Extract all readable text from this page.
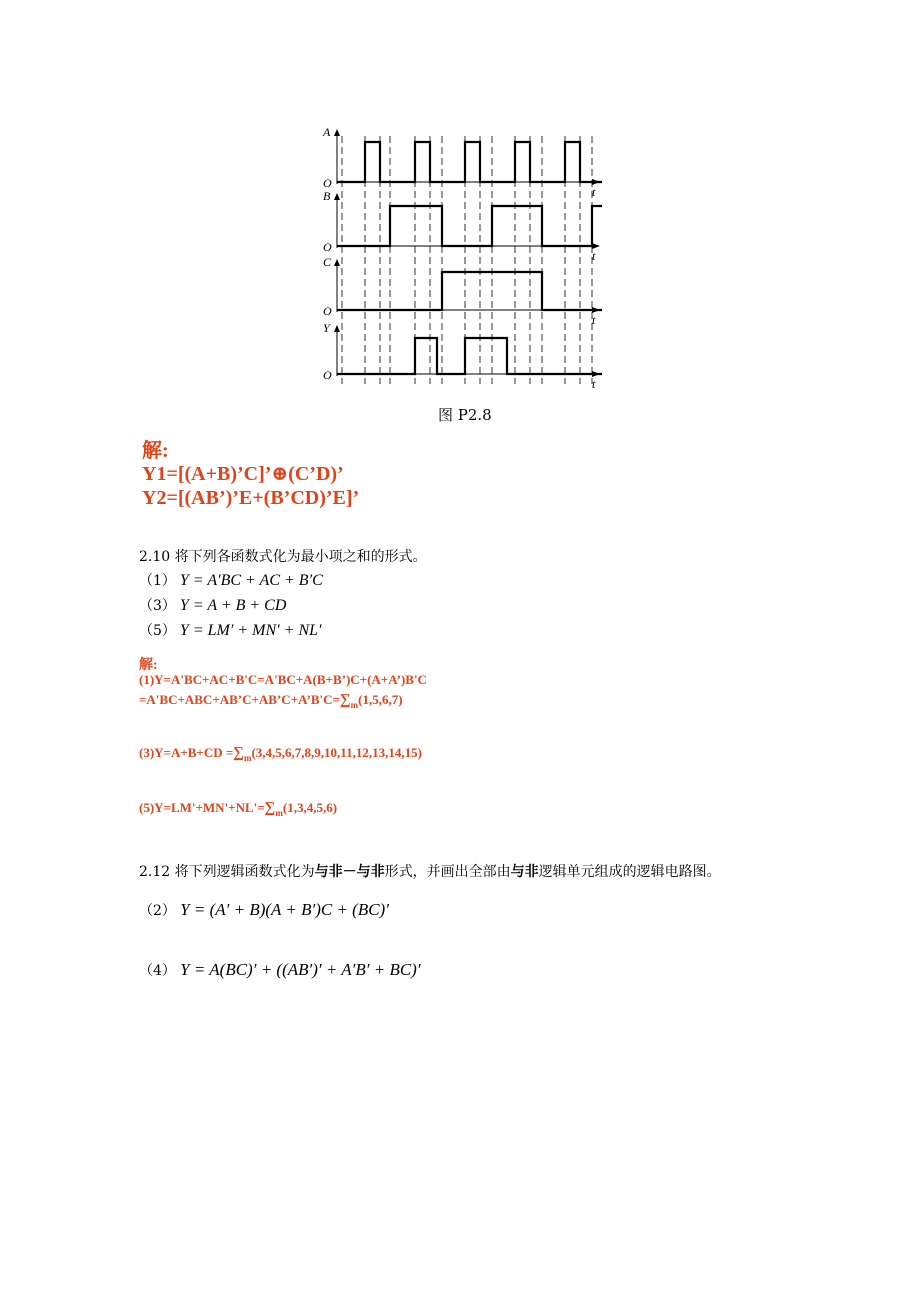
A
O
t
B
O
t
C
O
t
Y
O
t
图 P2.8
解:
Y1=[(A+B)’C]’⊕(C’D)’
Y2=[(AB’)’E+(B’CD)’E]’
2.10 将下列各函数式化为最小项之和的形式。
（1） Y = A′BC + AC + B′C
（3） Y = A + B + CD
（5） Y = LM′ + MN′ + NL′
解:
(1)Y=A'BC+AC+B'C=A'BC+A(B+B’)C+(A+A’)B'C
$=A'BC+ABC+AB’C+AB’C+A’B'C=\sum_m(1,5,6,7)$
$(3)Y=A+B+CD =\sum_m(3,4,5,6,7,8,9,10,11,12,13,14,15)$
$(5)Y=LM'+MN'+NL'=\sum_m(1,3,4,5,6)$
2.12 将下列逻辑函数式化为与非－与非形式，并画出全部由与非逻辑单元组成的逻辑电路图。
（2） Y = (A′ + B)(A + B′)C + (BC)′
（4） Y = A(BC)′ + ((AB′)′ + A′B′ + BC)′
